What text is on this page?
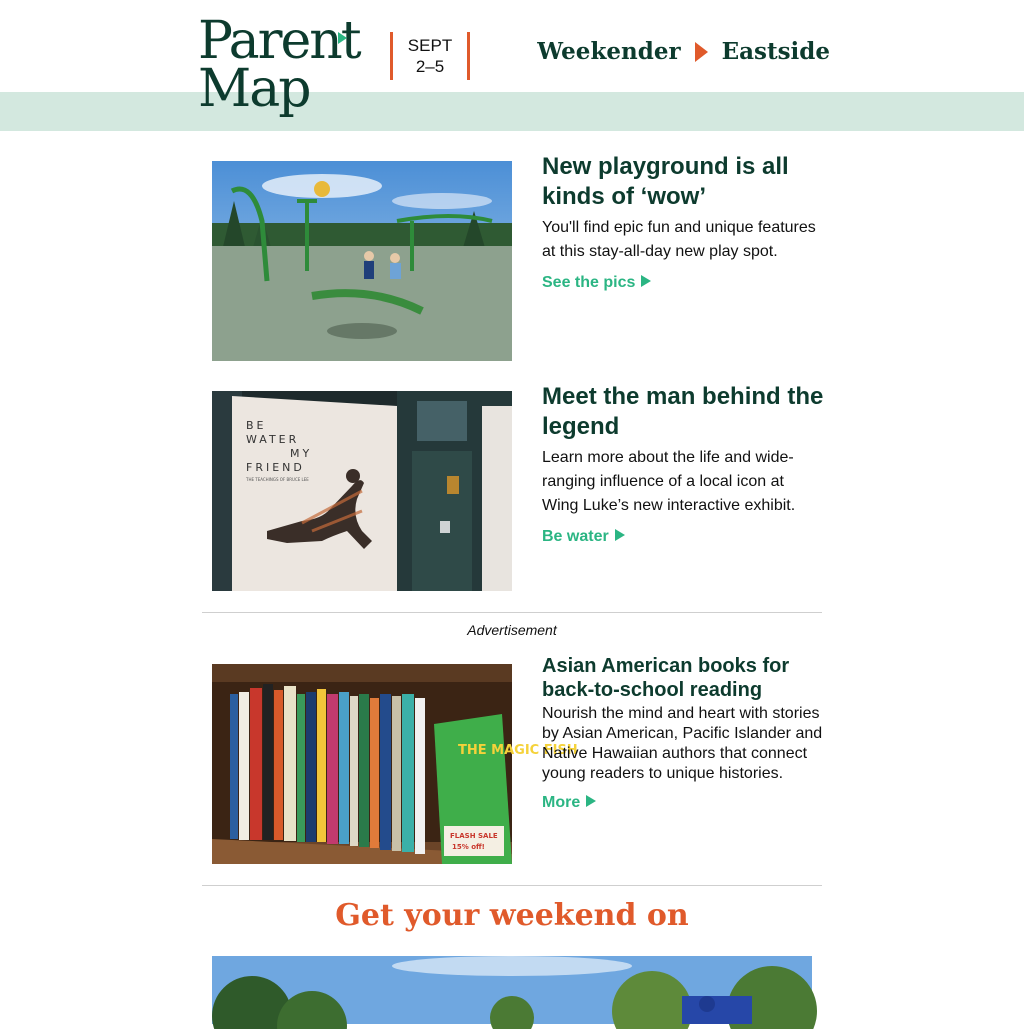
Parent
Map
SEPT
2–5
Weekender Eastside
New playground is all kinds of ‘wow’

You'll find epic fun and unique features at this stay-all-day new play spot.

See the pics
BE
WATER
MY
FRIEND
THE TEACHINGS OF BRUCE LEE
Meet the man behind the legend

Learn more about the life and wide-ranging influence of a local icon at Wing Luke’s new interactive exhibit.

Be water
Advertisement
THE MAGIC FISH
FLASH SALE
15% off!
Asian American books for back-to-school reading

Nourish the mind and heart with stories by Asian American, Pacific Islander and Native Hawaiian authors that connect young readers to unique histories.

More
Get your weekend on
